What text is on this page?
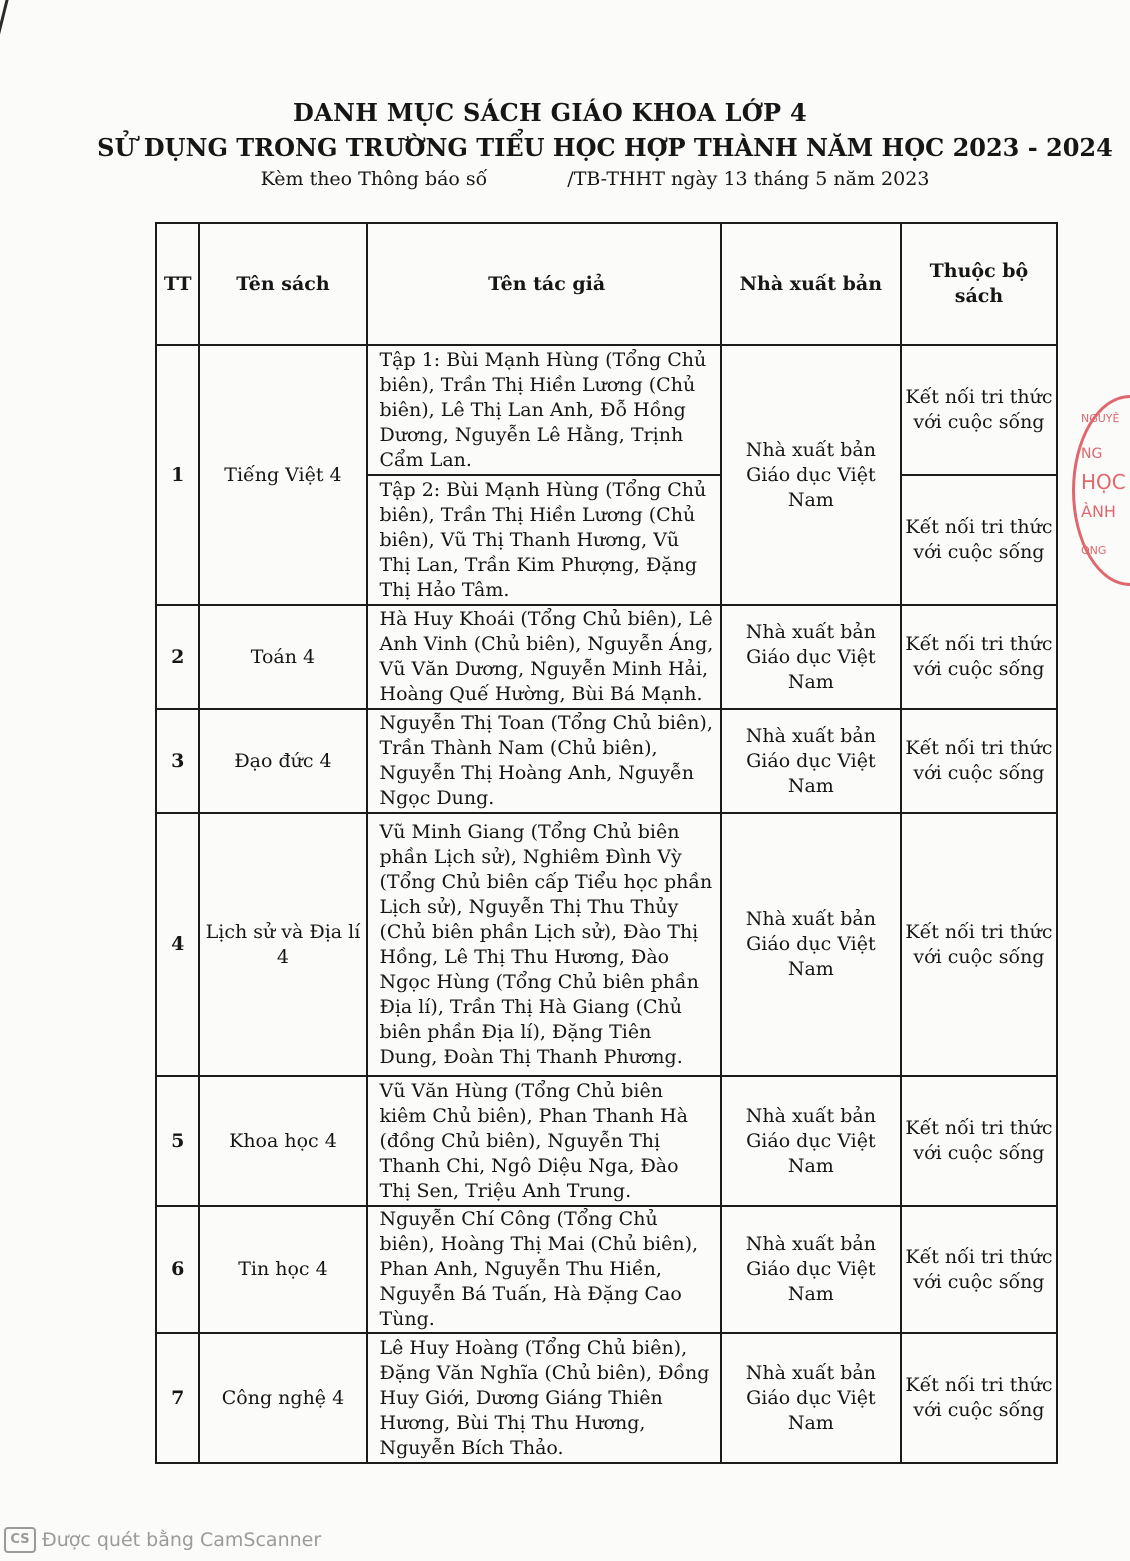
DANH MỤC SÁCH GIÁO KHOA LỚP 4
SỬ DỤNG TRONG TRƯỜNG TIỂU HỌC HỢP THÀNH NĂM HỌC 2023 - 2024
Kèm theo Thông báo số	/TB-THHT ngày 13 tháng 5 năm 2023
TT	Tên sách	Tên tác giả	Nhà xuất bản	Thuộc bộ sách
1	Tiếng Việt 4	Tập 1: Bùi Mạnh Hùng (Tổng Chủ biên), Trần Thị Hiền Lương (Chủ biên), Lê Thị Lan Anh, Đỗ Hồng Dương, Nguyễn Lê Hằng, Trịnh Cẩm Lan.	Nhà xuất bản Giáo dục Việt Nam	Kết nối tri thức với cuộc sống
		Tập 2: Bùi Mạnh Hùng (Tổng Chủ biên), Trần Thị Hiền Lương (Chủ biên), Vũ Thị Thanh Hương, Vũ Thị Lan, Trần Kim Phượng, Đặng Thị Hảo Tâm.		Kết nối tri thức với cuộc sống
2	Toán 4	Hà Huy Khoái (Tổng Chủ biên), Lê Anh Vinh (Chủ biên), Nguyễn Áng, Vũ Văn Dương, Nguyễn Minh Hải, Hoàng Quế Hường, Bùi Bá Mạnh.	Nhà xuất bản Giáo dục Việt Nam	Kết nối tri thức với cuộc sống
3	Đạo đức 4	Nguyễn Thị Toan (Tổng Chủ biên), Trần Thành Nam (Chủ biên), Nguyễn Thị Hoàng Anh, Nguyễn Ngọc Dung.	Nhà xuất bản Giáo dục Việt Nam	Kết nối tri thức với cuộc sống
4	Lịch sử và Địa lí 4	Vũ Minh Giang (Tổng Chủ biên phần Lịch sử), Nghiêm Đình Vỳ (Tổng Chủ biên cấp Tiểu học phần Lịch sử), Nguyễn Thị Thu Thủy (Chủ biên phần Lịch sử), Đào Thị Hồng, Lê Thị Thu Hương, Đào Ngọc Hùng (Tổng Chủ biên phần Địa lí), Trần Thị Hà Giang (Chủ biên phần Địa lí), Đặng Tiên Dung, Đoàn Thị Thanh Phương.	Nhà xuất bản Giáo dục Việt Nam	Kết nối tri thức với cuộc sống
5	Khoa học 4	Vũ Văn Hùng (Tổng Chủ biên kiêm Chủ biên), Phan Thanh Hà (đồng Chủ biên), Nguyễn Thị Thanh Chi, Ngô Diệu Nga, Đào Thị Sen, Triệu Anh Trung.	Nhà xuất bản Giáo dục Việt Nam	Kết nối tri thức với cuộc sống
6	Tin học 4	Nguyễn Chí Công (Tổng Chủ biên), Hoàng Thị Mai (Chủ biên), Phan Anh, Nguyễn Thu Hiền, Nguyễn Bá Tuấn, Hà Đặng Cao Tùng.	Nhà xuất bản Giáo dục Việt Nam	Kết nối tri thức với cuộc sống
7	Công nghệ 4	Lê Huy Hoàng (Tổng Chủ biên), Đặng Văn Nghĩa (Chủ biên), Đồng Huy Giới, Dương Giáng Thiên Hương, Bùi Thị Thu Hương, Nguyễn Bích Thảo.	Nhà xuất bản Giáo dục Việt Nam	Kết nối tri thức với cuộc sống
NGUYÊ
NG
HỌC
ÀNH
ONG
CS Được quét bằng CamScanner
